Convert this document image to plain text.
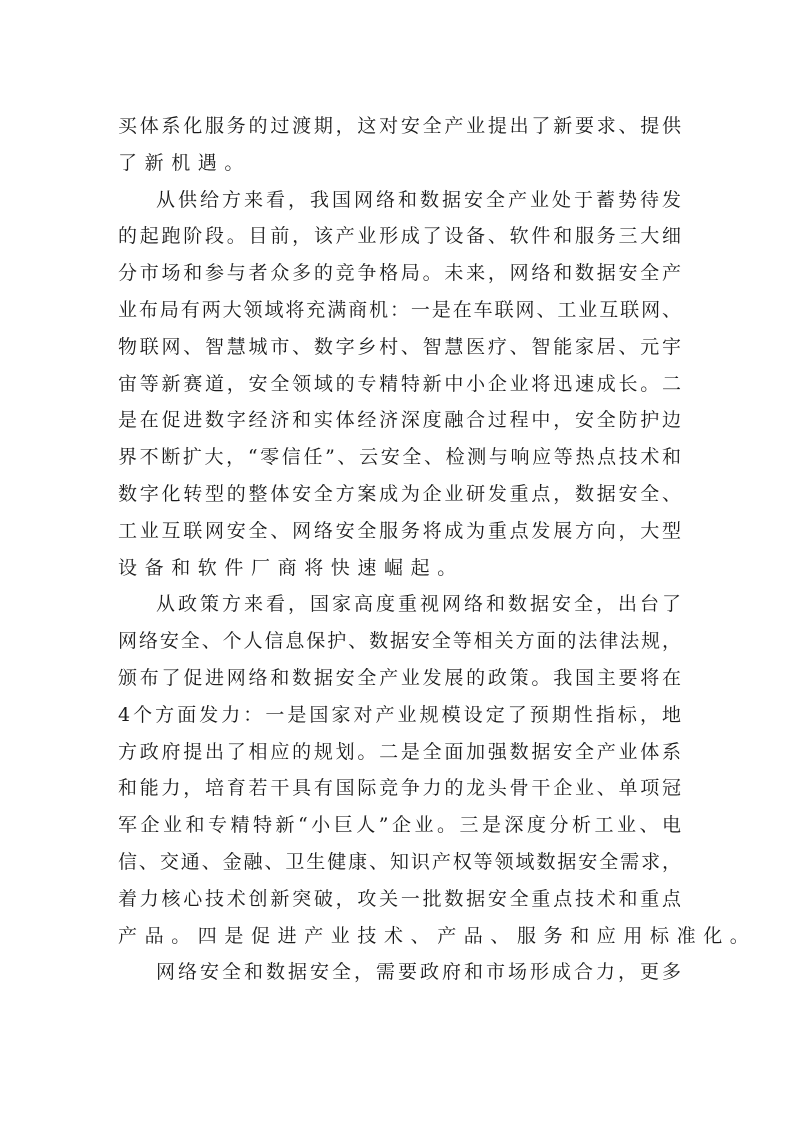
买体系化服务的过渡期，这对安全产业提出了新要求、提供
了新机遇。
从供给方来看，我国网络和数据安全产业处于蓄势待发
的起跑阶段。目前，该产业形成了设备、软件和服务三大细
分市场和参与者众多的竞争格局。未来，网络和数据安全产
业布局有两大领域将充满商机：一是在车联网、工业互联网、
物联网、智慧城市、数字乡村、智慧医疗、智能家居、元宇
宙等新赛道，安全领域的专精特新中小企业将迅速成长。二
是在促进数字经济和实体经济深度融合过程中，安全防护边
界不断扩大，“零信任”、云安全、检测与响应等热点技术和
数字化转型的整体安全方案成为企业研发重点，数据安全、
工业互联网安全、网络安全服务将成为重点发展方向，大型
设备和软件厂商将快速崛起。
从政策方来看，国家高度重视网络和数据安全，出台了
网络安全、个人信息保护、数据安全等相关方面的法律法规，
颁布了促进网络和数据安全产业发展的政策。我国主要将在
4个方面发力：一是国家对产业规模设定了预期性指标，地
方政府提出了相应的规划。二是全面加强数据安全产业体系
和能力，培育若干具有国际竞争力的龙头骨干企业、单项冠
军企业和专精特新“小巨人”企业。三是深度分析工业、电
信、交通、金融、卫生健康、知识产权等领域数据安全需求，
着力核心技术创新突破，攻关一批数据安全重点技术和重点
产品。四是促进产业技术、产品、服务和应用标准化。
网络安全和数据安全，需要政府和市场形成合力，更多
